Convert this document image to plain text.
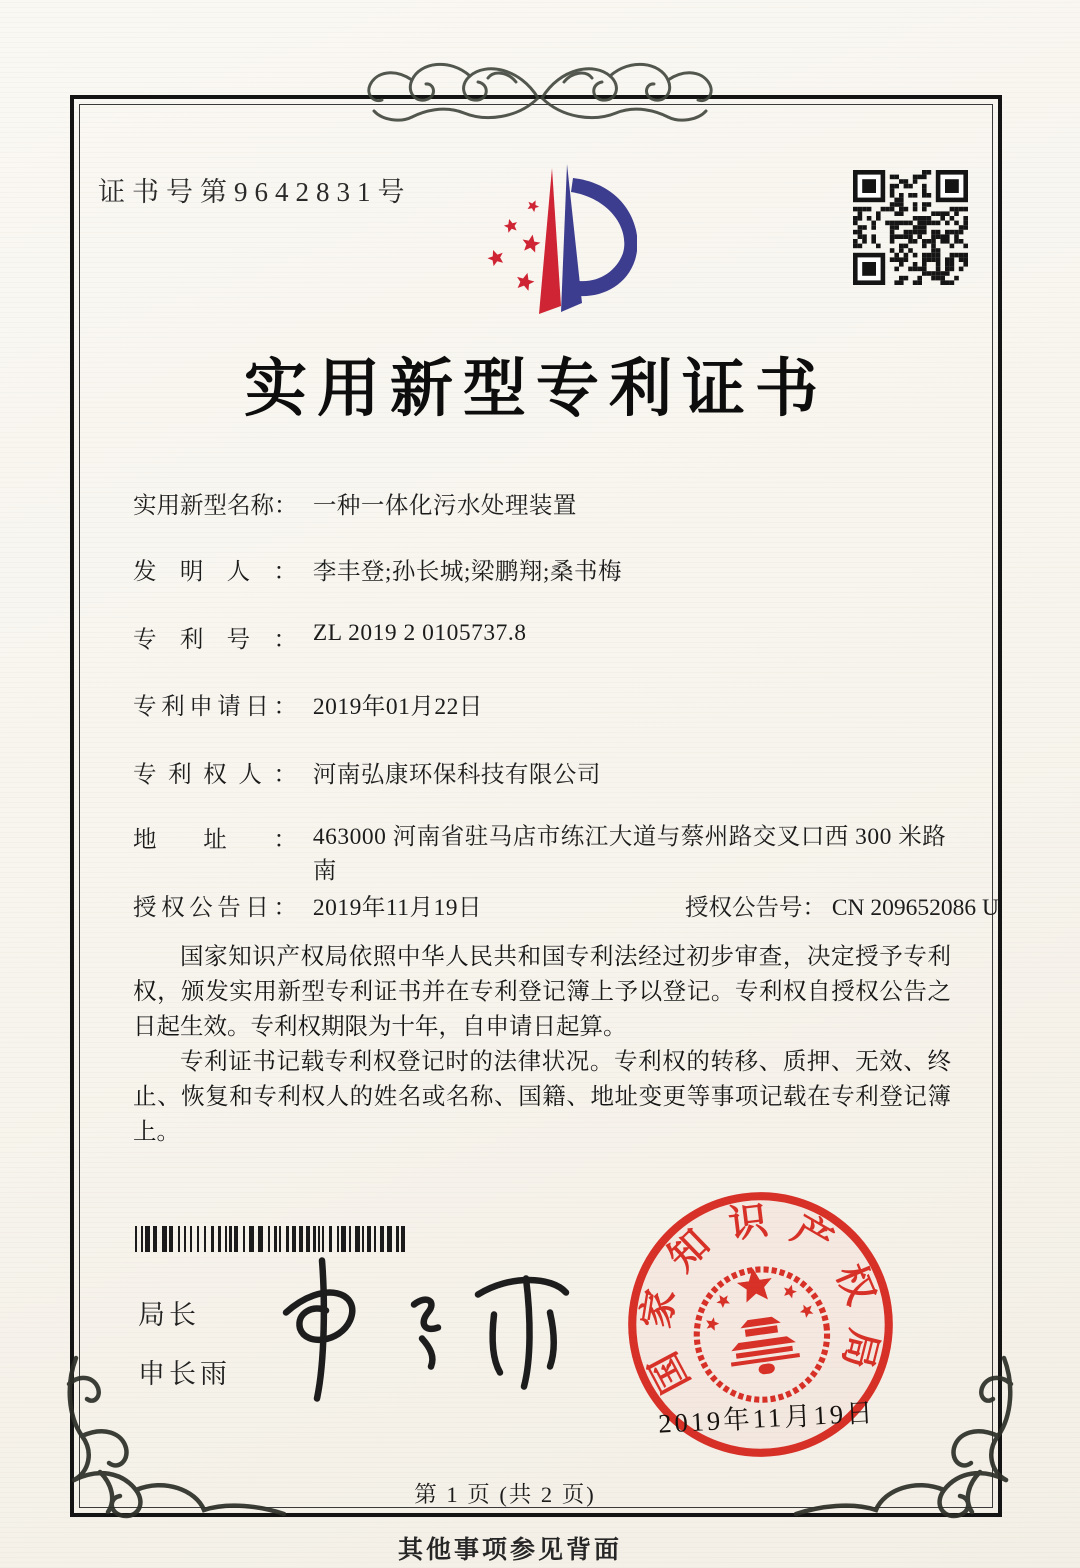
证书号第9642831号
实用新型专利证书
实用新型名称： 一种一体化污水处理装置
发明人： 李丰登;孙长城;梁鹏翔;桑书梅
专利号： ZL 2019 2 0105737.8
专利申请日： 2019年01月22日
专利权人： 河南弘康环保科技有限公司
地址： 463000 河南省驻马店市练江大道与蔡州路交叉口西 300 米路南
授权公告日： 2019年11月19日	授权公告号： CN 209652086 U

国家知识产权局依照中华人民共和国专利法经过初步审查，决定授予专利权，颁发实用新型专利证书并在专利登记簿上予以登记。专利权自授权公告之日起生效。专利权期限为十年，自申请日起算。

专利证书记载专利权登记时的法律状况。专利权的转移、质押、无效、终止、恢复和专利权人的姓名或名称、国籍、地址变更等事项记载在专利登记簿上。

局长
申长雨	国
家
知 识 产
权
局
2019年11月19日
第 1 页 (共 2 页)
其他事项参见背面
